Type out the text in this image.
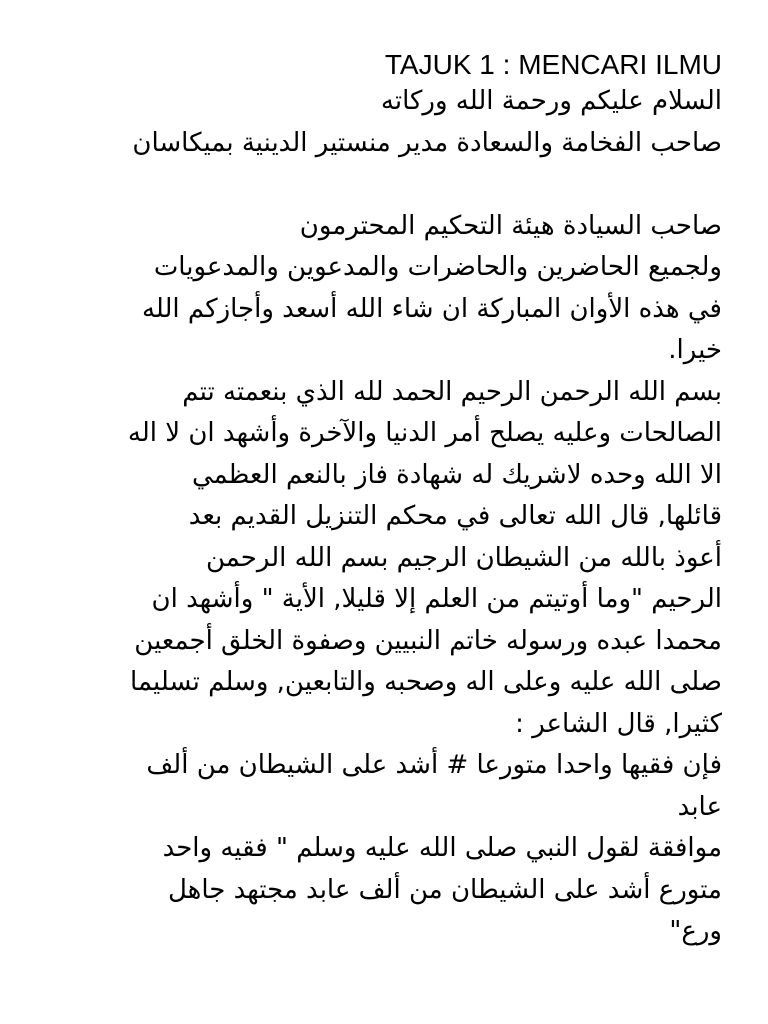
TAJUK 1 : MENCARI ILMU

السلام عليكم ورحمة الله وركاته

صاحب الفخامة والسعادة مدير منستير الدينية بميكاسان

صاحب السيادة هيئة التحكيم المحترمون

ولجميع الحاضرين والحاضرات والمدعوين والمدعويات

في هذه الأوان المباركة ان شاء الله أسعد وأجازكم الله

خيرا.

بسم الله الرحمن الرحيم الحمد لله الذي بنعمته تتم

الصالحات وعليه يصلح أمر الدنيا والآخرة وأشهد ان لا اله

الا الله وحده لاشريك له شهادة فاز بالنعم العظمي

قائلها, قال الله تعالى في محكم التنزيل القديم بعد

أعوذ بالله من الشيطان الرجيم بسم الله الرحمن

الرحيم "وما أوتيتم من العلم إلا قليلا, الأية " وأشهد ان

محمدا عبده ورسوله خاتم النبيين وصفوة الخلق أجمعين

صلى الله عليه وعلى اله وصحبه والتابعين, وسلم تسليما

كثيرا, قال الشاعر :

فإن فقيها واحدا متورعا # أشد على الشيطان من ألف

عابد

موافقة لقول النبي صلى الله عليه وسلم " فقيه واحد

متورع أشد على الشيطان من ألف عابد مجتهد جاهل

ورع"
